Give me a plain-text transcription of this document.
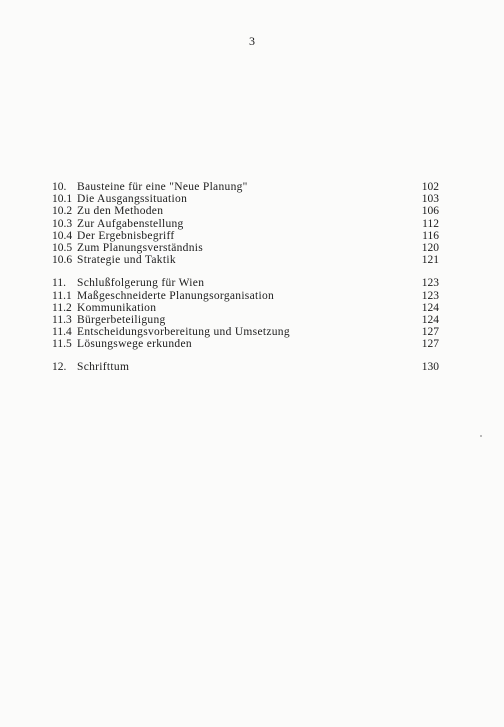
3
10. Bausteine für eine "Neue Planung"	102
10.1 Die Ausgangssituation	103
10.2 Zu den Methoden	106
10.3 Zur Aufgabenstellung	112
10.4 Der Ergebnisbegriff	116
10.5 Zum Planungsverständnis	120
10.6 Strategie und Taktik	121
11. Schlußfolgerung für Wien	123
11.1 Maßgeschneiderte Planungsorganisation	123
11.2 Kommunikation	124
11.3 Bürgerbeteiligung	124
11.4 Entscheidungsvorbereitung und Umsetzung	127
11.5 Lösungswege erkunden	127
12. Schrifttum	130
